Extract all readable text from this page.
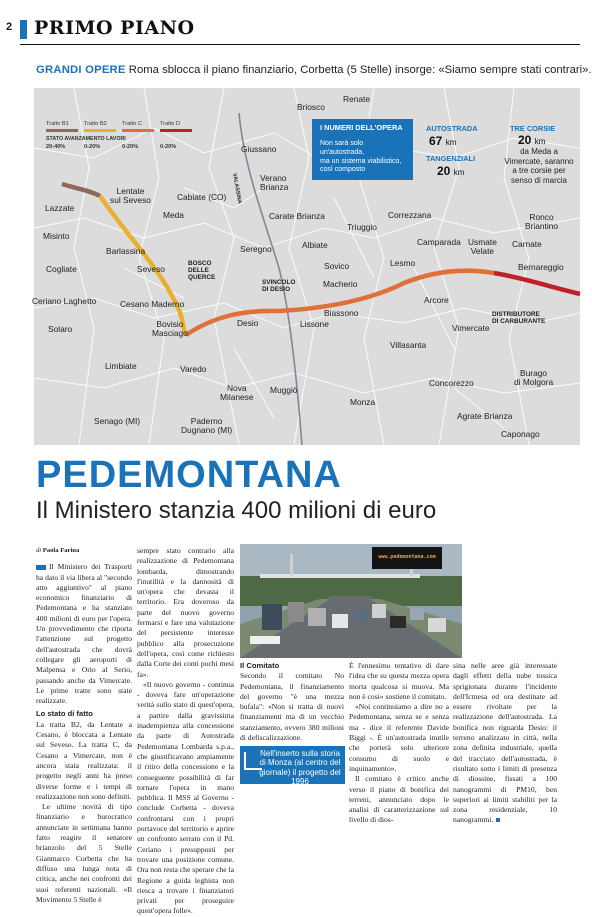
2 PRIMO PIANO
GRANDI OPERE Roma sblocca il piano finanziario, Corbetta (5 Stelle) insorge: «Siamo sempre stati contrari».
Tratto B1	Tratto B2	Tratto C	Tratto D
STATO AVANZAMENTO LAVORI
20-40%	0-20%	0-20%	0-20%
I NUMERI DELL'OPERA
Non sarà solo
un'autostrada,
ma un sistema viabilistico,
così composto
AUTOSTRADA
67 km
TANGENZIALI
20 km
TRE CORSIE
20 km
da Meda a
Vimercate, saranno
a tre corsie per
senso di marcia
Renate
Briosco
Giussano
Verano
Brianza
Lentate
sul Seveso	Cabiate (CO)
Lazzate
Meda	Carate Brianza	Correzzana	Ronco
Briantino
Misinto
Barlassina	Seregno	Albiate
Triuggio
Camparada Usmate
Velate
Carnate
Cogliate	Seveso
BOSCO
DELLE
QUERCE
Sovico	Lesmo	Bernareggio
SVINCOLO
DI DESIO
Macherio
Ceriano Laghetto	Cesano Maderno
Biassono
Arcore
DISTRIBUTORE
DI CARBURANTE
Solaro	Bovisio
Masciago
Desio	Lissone	Vimercate
Villasanta
Limbiate	Varedo
Nova
Milanese
Muggiò
Concorezzo
Burago
di Molgora
Monza
Senago (MI)	Paderno
Dugnano (MI)
Agrate Brianza
Caponago
VALASSINA
PEDEMONTANA
Il Ministero stanzia 400 milioni di euro
di Paola Farina

Il Ministero dei Trasporti ha dato il via libera al "secondo atto aggiuntivo" al piano economico finanziario di Pedemontana e ha stanziato 400 milioni di euro per l'opera. Un provvedimento che riporta l'attenzione sul progetto dell'autostrada che dovrà collegare gli aeroporti di Malpensa e Orio al Serio, passando anche da Vimercate. Le prime tratte sono state realizzate.

Lo stato di fatto

La tratta B2, da Lentate a Cesano, è bloccata a Lentate sul Seveso. La tratta C, da Cesano a Vimercate, non è ancora stata realizzata: il progetto negli anni ha preso diverse forme e i tempi di realizzazione non sono definiti.

Le ultime novità di tipo finanziario e burocratico annunciate in settimana hanno fatto reagire il senatore brianzolo del 5 Stelle Gianmarco Corbetta che ha diffuso una lunga nota di critica, anche nei confronti dei suoi referenti nazionali. «Il Movimento 5 Stelle è

sempre stato contrario alla realizzazione di Pedemontana lombarda, dimostrando l'inutilità e la dannosità di un'opera che devasta il territorio. Era doveroso da parte del nuovo governo fermarsi e fare una valutazione del persistente interesse pubblico alla prosecuzione dell'opera, così come richiesto dalla Corte dei conti pochi mesi fa».

«Il nuovo governo - continua - doveva fare un'operazione verità sullo stato di quest'opera, a partire dalla gravissima inadempienza alla concessione da parte di Autostrada Pedemontana Lombarda s.p.a., che giustificavano ampiamente il ritiro della concessione e la conseguente possibilità di far tornare l'opera in mano pubblica. Il MSS al Governo - conclude Corbetta - doveva confrontarsi con i propri portavoce del territorio e aprire un confronto serrato con il Pd. Ceriano i presupposti per trovare una posizione comune. Ora non resta che sperare che la Regione a guida leghista non riesca a trovare i finanziatori privati per proseguire quest'opera folle».

www.pedemontana.com
Il Comitato

Secondo il comitato No Pedemontana, il finanziamento del governo "è una mezza bufala": «Non si tratta di nuovi finanziamenti ma di un vecchio stanziamento, ovvero 380 milioni di defiscalizzazione.

Nell'inserto sulla storia di Monza (al centro del giornale) il progetto del 1996

È l'ennesimo tentativo di dare l'idea che su questa mezza opera morta qualcosa si muova. Ma non è così» sostiene il comitato.

«Noi continuiamo a dire no a Pedemontana, senza se e senza ma - dice il referente Davide Biggi -. È un'autostrada inutile che porterà solo ulteriore consumo di suolo e inquinamento».

Il comitato è critico anche verso il piano di bonifica dei terreni, annunciato dopo le analisi di caratterizzazione sul livello di dios-

sina nelle aree già interessate dagli effetti della nube tossica sprigionata durante l'incidente dell'Icmesa ed ora destinate ad essere rivoltate per la realizzazione dell'autostrada. La bonifica non riguarda Desio: il terreno analizzato in città, nella zona definita industriale, quella del tracciato dell'autostrada, è risultato sotto i limiti di presenza di diossine, fissati a 100 nanogrammi di PM10, ben superiori ai limiti stabiliti per la zona residenziale, 10 nanogrammi.
